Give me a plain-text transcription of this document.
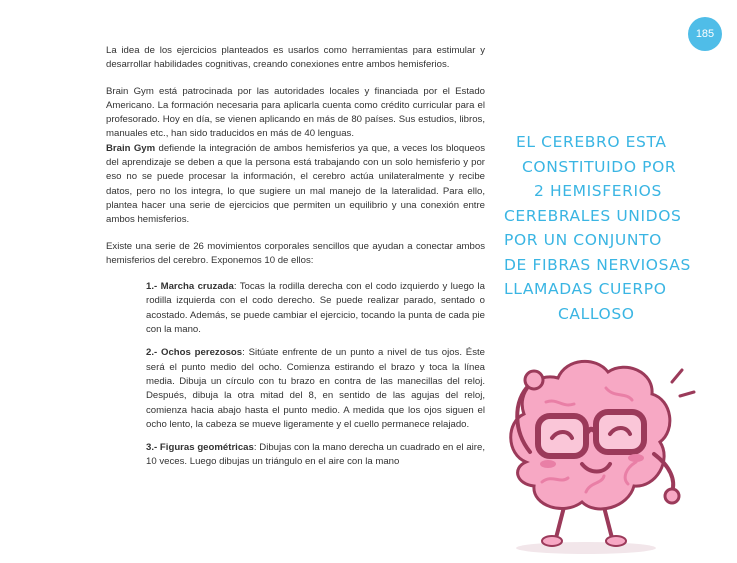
185

La idea de los ejercicios planteados es usarlos como herramientas para estimular y desarrollar habilidades cognitivas, creando conexiones entre ambos hemisferios.

Brain Gym está patrocinada por las autoridades locales y financiada por el Estado Americano. La formación necesaria para aplicarla cuenta como crédito curricular para el profesorado. Hoy en día, se vienen aplicando en más de 80 países. Sus estudios, libros, manuales etc., han sido traducidos en más de 40 lenguas.

Brain Gym defiende la integración de ambos hemisferios ya que, a veces los bloqueos del aprendizaje se deben a que la persona está trabajando con un solo hemisferio y por eso no se puede procesar la información, el cerebro actúa unilateralmente y recibe datos, pero no los integra, lo que sugiere un mal manejo de la lateralidad. Para ello, plantea hacer una serie de ejercicios que permiten un equilibrio y una conexión entre ambos hemisferios.

Existe una serie de 26 movimientos corporales sencillos que ayudan a conectar ambos hemisferios del cerebro. Exponemos 10 de ellos:

1.- Marcha cruzada: Tocas la rodilla derecha con el codo izquierdo y luego la rodilla izquierda con el codo derecho. Se puede realizar parado, sentado o acostado. Además, se puede cambiar el ejercicio, tocando la punta de cada pie con la mano.

2.- Ochos perezosos: Sitúate enfrente de un punto a nivel de tus ojos. Éste será el punto medio del ocho. Comienza estirando el brazo y toca la línea media. Dibuja un círculo con tu brazo en contra de las manecillas del reloj. Después, dibuja la otra mitad del 8, en sentido de las agujas del reloj, comienza hacia abajo hasta el punto medio. A medida que los ojos siguen el ocho lento, la cabeza se mueve ligeramente y el cuello permanece relajado.

3.- Figuras geométricas: Dibujas con la mano derecha un cuadrado en el aire, 10 veces. Luego dibujas un triángulo en el aire con la mano

EL CEREBRO ESTA
CONSTITUIDO POR
2 HEMISFERIOS
CEREBRALES UNIDOS
POR UN CONJUNTO
DE FIBRAS NERVIOSAS
LLAMADAS CUERPO
CALLOSO
